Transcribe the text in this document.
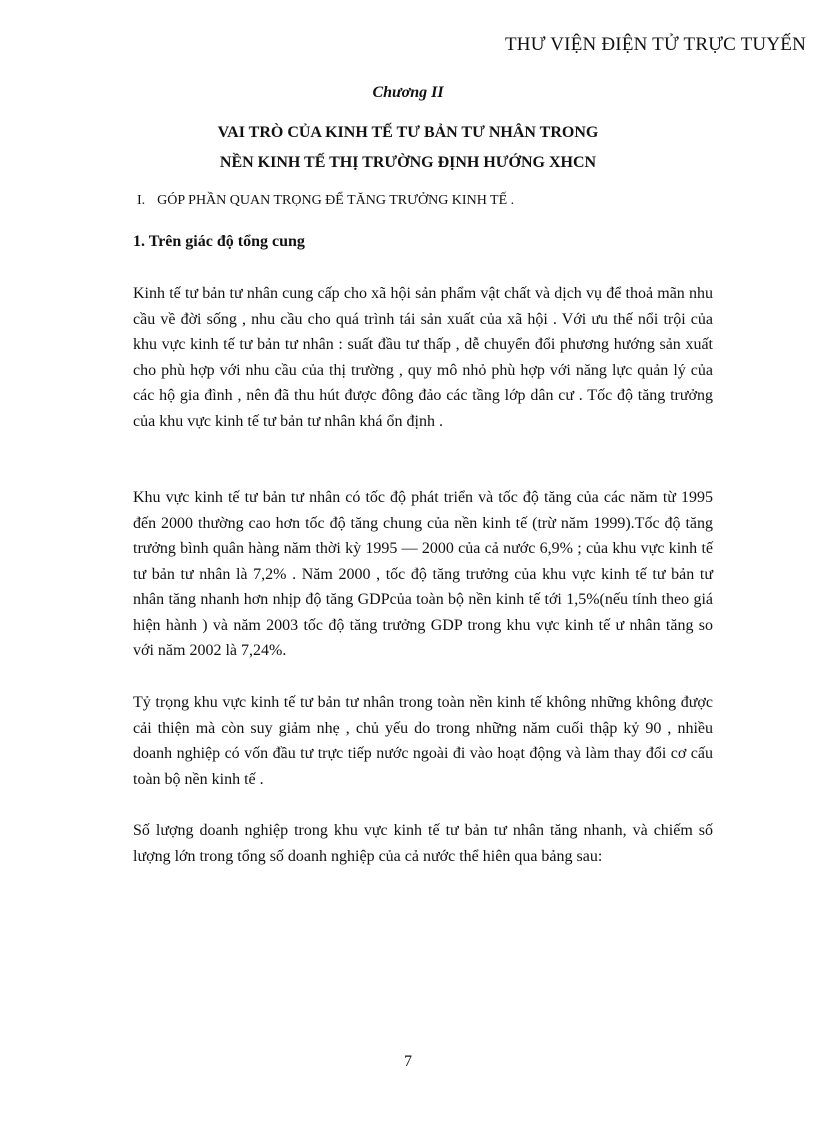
THƯ VIỆN ĐIỆN TỬ TRỰC TUYẾN
Chương II
VAI TRÒ CỦA KINH TẾ TƯ BẢN TƯ NHÂN TRONG
NỀN KINH TẾ THỊ TRƯỜNG ĐỊNH HƯỚNG XHCN
I. GÓP PHẦN QUAN TRỌNG ĐỂ TĂNG TRƯỞNG KINH TẾ .
1. Trên giác độ tổng cung

Kinh tế tư bản tư nhân cung cấp cho xã hội sản phẩm vật chất và dịch vụ để thoả mãn nhu cầu về đời sống , nhu cầu cho quá trình tái sản xuất của xã hội . Với ưu thế nổi trội của khu vực kinh tế tư bản tư nhân : suất đầu tư thấp , dễ chuyển đổi phương hướng sản xuất cho phù hợp với nhu cầu của thị trường , quy mô nhỏ phù hợp với năng lực quản lý của các hộ gia đình , nên đã thu hút được đông đảo các tầng lớp dân cư . Tốc độ tăng trưởng của khu vực kinh tế tư bản tư nhân khá ổn định .

Khu vực kinh tế tư bản tư nhân có tốc độ phát triển và tốc độ tăng của các năm từ 1995 đến 2000 thường cao hơn tốc độ tăng chung của nền kinh tế (trừ năm 1999).Tốc độ tăng trưởng bình quân hàng năm thời kỳ 1995 — 2000 của cả nước 6,9% ; của khu vực kinh tế tư bản tư nhân là 7,2% . Năm 2000 , tốc độ tăng trưởng của khu vực kinh tế tư bản tư nhân tăng nhanh hơn nhịp độ tăng GDPcủa toàn bộ nền kinh tế tới 1,5%(nếu tính theo giá hiện hành ) và năm 2003 tốc độ tăng trưởng GDP trong khu vực kinh tế ư nhân tăng so với năm 2002 là 7,24%.

Tỷ trọng khu vực kinh tế tư bản tư nhân trong toàn nền kinh tế không những không được cải thiện mà còn suy giảm nhẹ , chủ yếu do trong những năm cuối thập kỷ 90 , nhiều doanh nghiệp có vốn đầu tư trực tiếp nước ngoài đi vào hoạt động và làm thay đổi cơ cấu toàn bộ nền kinh tế .

Số lượng doanh nghiệp trong khu vực kinh tế tư bản tư nhân tăng nhanh, và chiếm số lượng lớn trong tổng số doanh nghiệp của cả nước thể hiên qua bảng sau:

7
